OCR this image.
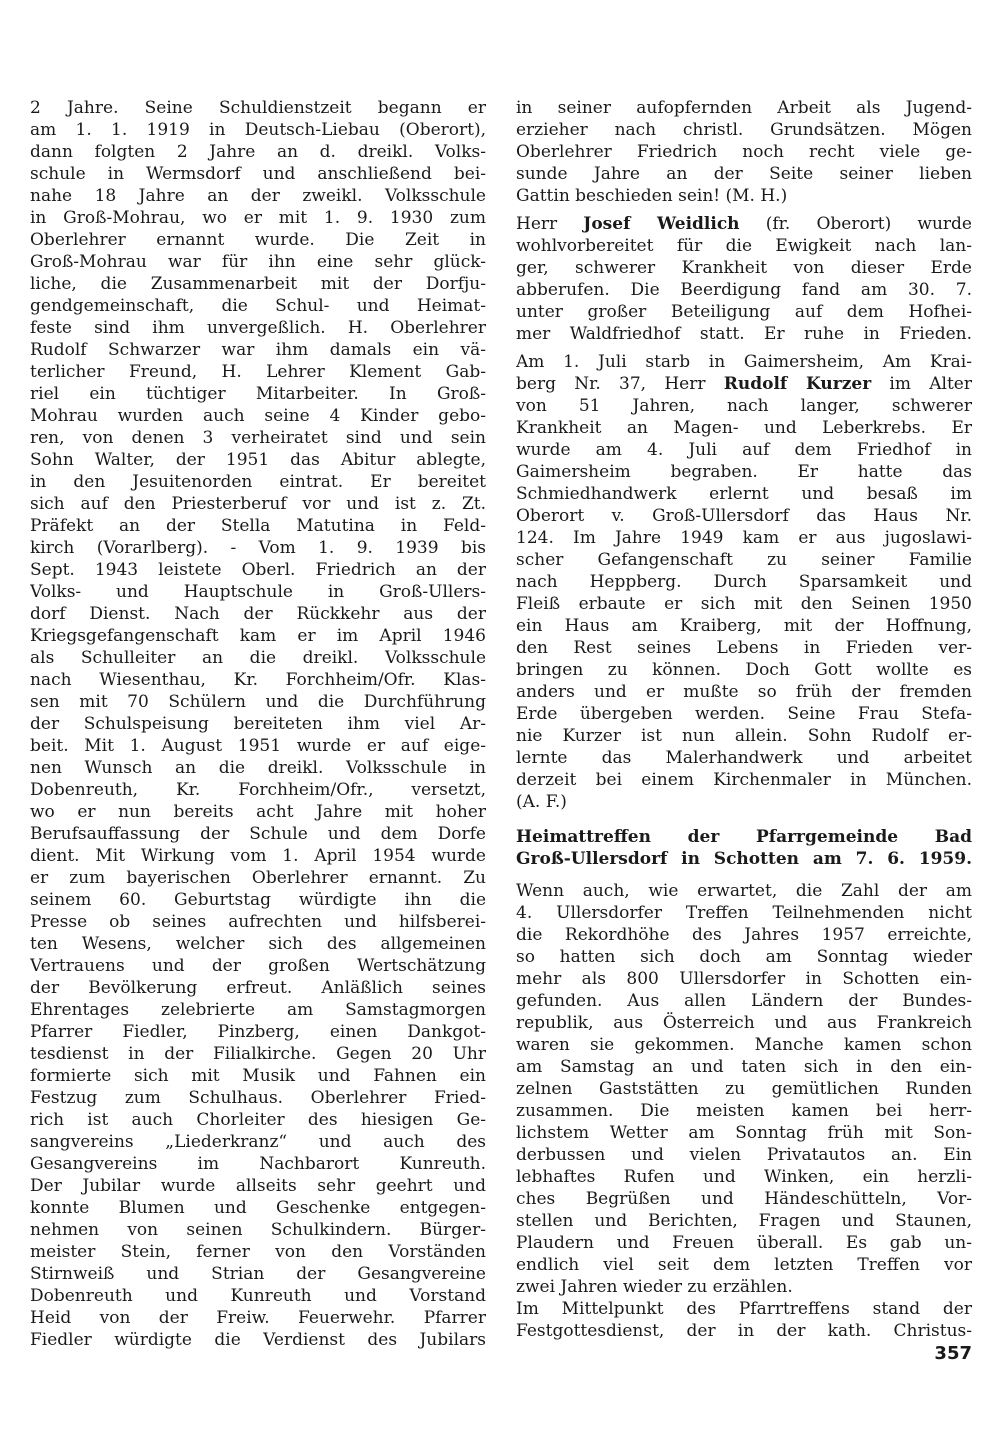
2 Jahre. Seine Schuldienstzeit begann er
am 1. 1. 1919 in Deutsch-Liebau (Oberort),
dann folgten 2 Jahre an d. dreikl. Volks-
schule in Wermsdorf und anschließend bei-
nahe 18 Jahre an der zweikl. Volksschule
in Groß-Mohrau, wo er mit 1. 9. 1930 zum
Oberlehrer ernannt wurde. Die Zeit in
Groß-Mohrau war für ihn eine sehr glück-
liche, die Zusammenarbeit mit der Dorfju-
gendgemeinschaft, die Schul- und Heimat-
feste sind ihm unvergeßlich. H. Oberlehrer
Rudolf Schwarzer war ihm damals ein vä-
terlicher Freund, H. Lehrer Klement Gab-
riel ein tüchtiger Mitarbeiter. In Groß-
Mohrau wurden auch seine 4 Kinder gebo-
ren, von denen 3 verheiratet sind und sein
Sohn Walter, der 1951 das Abitur ablegte,
in den Jesuitenorden eintrat. Er bereitet
sich auf den Priesterberuf vor und ist z. Zt.
Präfekt an der Stella Matutina in Feld-
kirch (Vorarlberg). - Vom 1. 9. 1939 bis
Sept. 1943 leistete Oberl. Friedrich an der
Volks- und Hauptschule in Groß-Ullers-
dorf Dienst. Nach der Rückkehr aus der
Kriegsgefangenschaft kam er im April 1946
als Schulleiter an die dreikl. Volksschule
nach Wiesenthau, Kr. Forchheim/Ofr. Klas-
sen mit 70 Schülern und die Durchführung
der Schulspeisung bereiteten ihm viel Ar-
beit. Mit 1. August 1951 wurde er auf eige-
nen Wunsch an die dreikl. Volksschule in
Dobenreuth, Kr. Forchheim/Ofr., versetzt,
wo er nun bereits acht Jahre mit hoher
Berufsauffassung der Schule und dem Dorfe
dient. Mit Wirkung vom 1. April 1954 wurde
er zum bayerischen Oberlehrer ernannt. Zu
seinem 60. Geburtstag würdigte ihn die
Presse ob seines aufrechten und hilfsberei-
ten Wesens, welcher sich des allgemeinen
Vertrauens und der großen Wertschätzung
der Bevölkerung erfreut. Anläßlich seines
Ehrentages zelebrierte am Samstagmorgen
Pfarrer Fiedler, Pinzberg, einen Dankgot-
tesdienst in der Filialkirche. Gegen 20 Uhr
formierte sich mit Musik und Fahnen ein
Festzug zum Schulhaus. Oberlehrer Fried-
rich ist auch Chorleiter des hiesigen Ge-
sangvereins „Liederkranz“ und auch des
Gesangvereins im Nachbarort Kunreuth.
Der Jubilar wurde allseits sehr geehrt und
konnte Blumen und Geschenke entgegen-
nehmen von seinen Schulkindern. Bürger-
meister Stein, ferner von den Vorständen
Stirnweiß und Strian der Gesangvereine
Dobenreuth und Kunreuth und Vorstand
Heid von der Freiw. Feuerwehr. Pfarrer
Fiedler würdigte die Verdienst des Jubilars
in seiner aufopfernden Arbeit als Jugend-
erzieher nach christl. Grundsätzen. Mögen
Oberlehrer Friedrich noch recht viele ge-
sunde Jahre an der Seite seiner lieben
Gattin beschieden sein! (M. H.)
Herr Josef Weidlich (fr. Oberort) wurde
wohlvorbereitet für die Ewigkeit nach lan-
ger, schwerer Krankheit von dieser Erde
abberufen. Die Beerdigung fand am 30. 7.
unter großer Beteiligung auf dem Hofhei-
mer Waldfriedhof statt. Er ruhe in Frieden.
Am 1. Juli starb in Gaimersheim, Am Krai-
berg Nr. 37, Herr Rudolf Kurzer im Alter
von 51 Jahren, nach langer, schwerer
Krankheit an Magen- und Leberkrebs. Er
wurde am 4. Juli auf dem Friedhof in
Gaimersheim begraben. Er hatte das
Schmiedhandwerk erlernt und besaß im
Oberort v. Groß-Ullersdorf das Haus Nr.
124. Im Jahre 1949 kam er aus jugoslawi-
scher Gefangenschaft zu seiner Familie
nach Heppberg. Durch Sparsamkeit und
Fleiß erbaute er sich mit den Seinen 1950
ein Haus am Kraiberg, mit der Hoffnung,
den Rest seines Lebens in Frieden ver-
bringen zu können. Doch Gott wollte es
anders und er mußte so früh der fremden
Erde übergeben werden. Seine Frau Stefa-
nie Kurzer ist nun allein. Sohn Rudolf er-
lernte das Malerhandwerk und arbeitet
derzeit bei einem Kirchenmaler in München.
(A. F.)
Heimattreffen der Pfarrgemeinde Bad
Groß-Ullersdorf in Schotten am 7. 6. 1959.
Wenn auch, wie erwartet, die Zahl der am
4. Ullersdorfer Treffen Teilnehmenden nicht
die Rekordhöhe des Jahres 1957 erreichte,
so hatten sich doch am Sonntag wieder
mehr als 800 Ullersdorfer in Schotten ein-
gefunden. Aus allen Ländern der Bundes-
republik, aus Österreich und aus Frankreich
waren sie gekommen. Manche kamen schon
am Samstag an und taten sich in den ein-
zelnen Gaststätten zu gemütlichen Runden
zusammen. Die meisten kamen bei herr-
lichstem Wetter am Sonntag früh mit Son-
derbussen und vielen Privatautos an. Ein
lebhaftes Rufen und Winken, ein herzli-
ches Begrüßen und Händeschütteln, Vor-
stellen und Berichten, Fragen und Staunen,
Plaudern und Freuen überall. Es gab un-
endlich viel seit dem letzten Treffen vor
zwei Jahren wieder zu erzählen.
Im Mittelpunkt des Pfarrtreffens stand der
Festgottesdienst, der in der kath. Christus-
357
